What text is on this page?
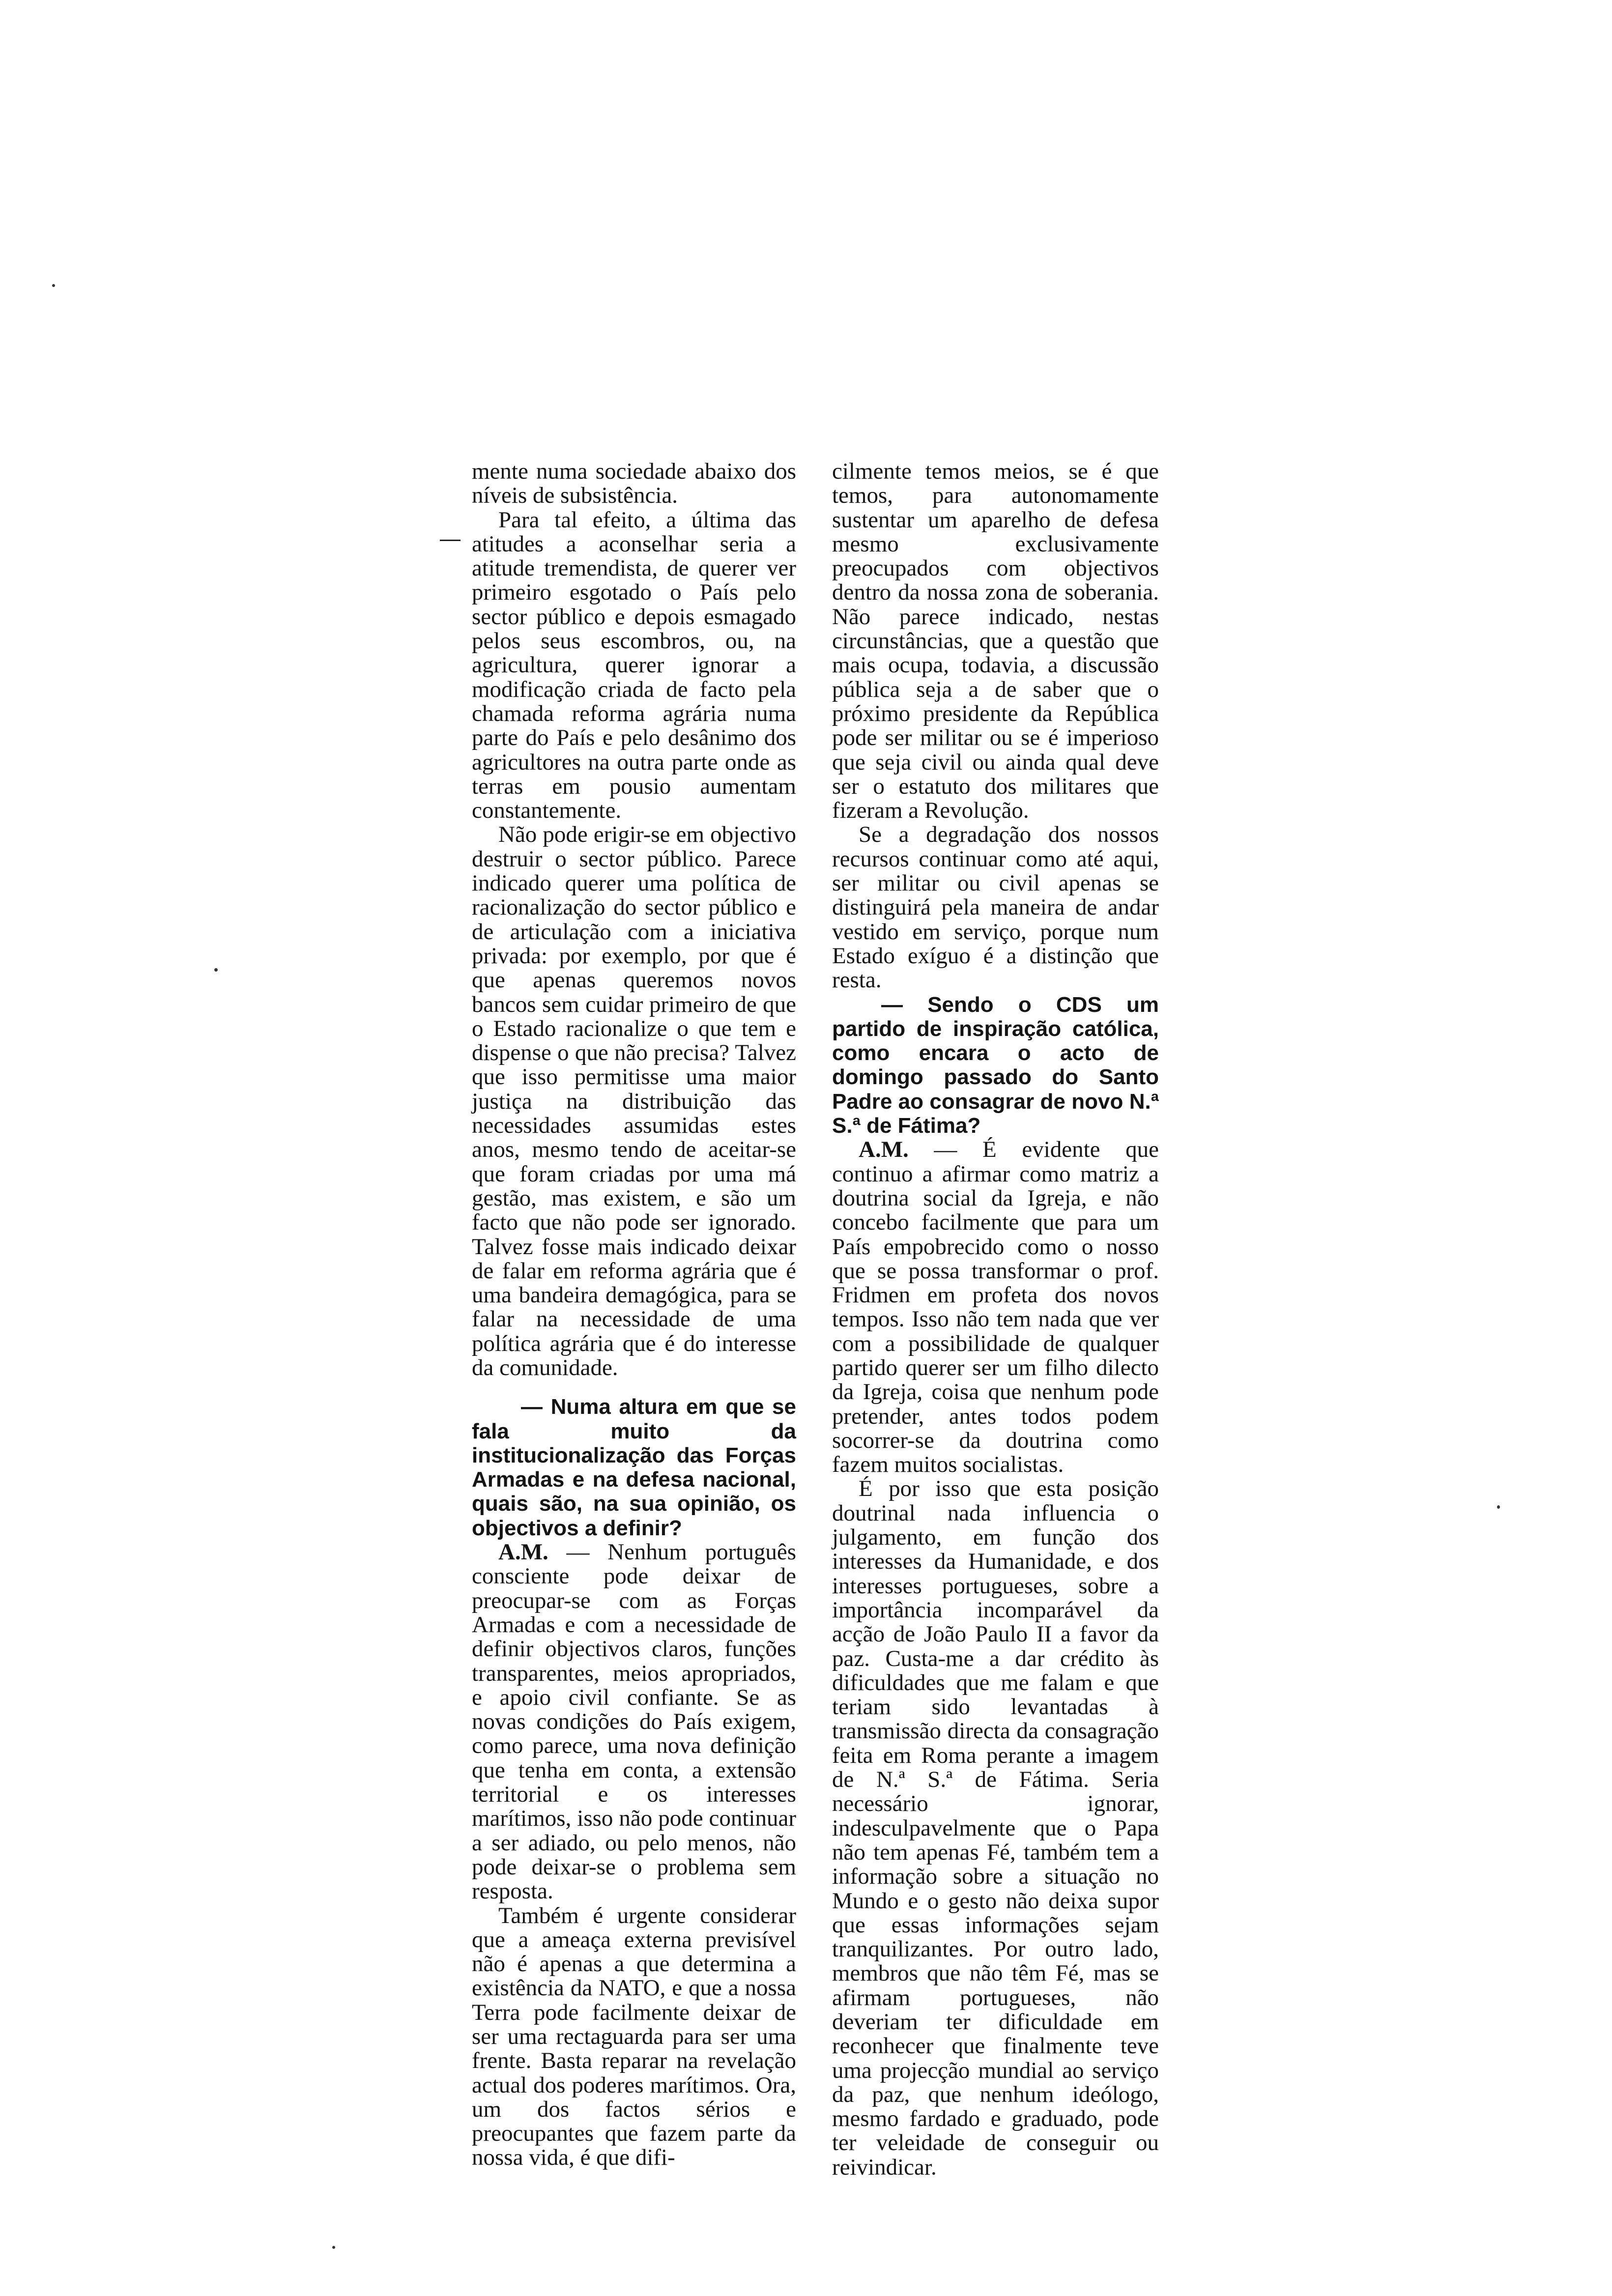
mente numa sociedade abaixo dos níveis de subsistência.

Para tal efeito, a última das atitudes a aconselhar seria a atitude tremendista, de querer ver primeiro esgotado o País pelo sector público e depois esmagado pelos seus escombros, ou, na agricultura, querer ignorar a modificação criada de facto pela chamada reforma agrária numa parte do País e pelo desânimo dos agricultores na outra parte onde as terras em pousio aumentam constantemente.

Não pode erigir-se em objectivo destruir o sector público. Parece indicado querer uma política de racionalização do sector público e de articulação com a iniciativa privada: por exemplo, por que é que apenas queremos novos bancos sem cuidar primeiro de que o Estado racionalize o que tem e dispense o que não precisa? Talvez que isso permitisse uma maior justiça na distribuição das necessidades assumidas estes anos, mesmo tendo de aceitar-se que foram criadas por uma má gestão, mas existem, e são um facto que não pode ser ignorado. Talvez fosse mais indicado deixar de falar em reforma agrária que é uma bandeira demagógica, para se falar na necessidade de uma política agrária que é do interesse da comunidade.

— Numa altura em que se fala muito da institucionalização das Forças Armadas e na defesa nacional, quais são, na sua opinião, os objectivos a definir?

A.M. — Nenhum português consciente pode deixar de preocupar-se com as Forças Armadas e com a necessidade de definir objectivos claros, funções transparentes, meios apropriados, e apoio civil confiante. Se as novas condições do País exigem, como parece, uma nova definição que tenha em conta, a extensão territorial e os interesses marítimos, isso não pode continuar a ser adiado, ou pelo menos, não pode deixar-se o problema sem resposta.

Também é urgente considerar que a ameaça externa previsível não é apenas a que determina a existência da NATO, e que a nossa Terra pode facilmente deixar de ser uma rectaguarda para ser uma frente. Basta reparar na revelação actual dos poderes marítimos. Ora, um dos factos sérios e preocupantes que fazem parte da nossa vida, é que difi-

cilmente temos meios, se é que temos, para autonomamente sustentar um aparelho de defesa mesmo exclusivamente preocupados com objectivos dentro da nossa zona de soberania. Não parece indicado, nestas circunstâncias, que a questão que mais ocupa, todavia, a discussão pública seja a de saber que o próximo presidente da República pode ser militar ou se é imperioso que seja civil ou ainda qual deve ser o estatuto dos militares que fizeram a Revolução.

Se a degradação dos nossos recursos continuar como até aqui, ser militar ou civil apenas se distinguirá pela maneira de andar vestido em serviço, porque num Estado exíguo é a distinção que resta.

— Sendo o CDS um partido de inspiração católica, como encara o acto de domingo passado do Santo Padre ao consagrar de novo N.ª S.ª de Fátima?

A.M. — É evidente que continuo a afirmar como matriz a doutrina social da Igreja, e não concebo facilmente que para um País empobrecido como o nosso que se possa transformar o prof. Fridmen em profeta dos novos tempos. Isso não tem nada que ver com a possibilidade de qualquer partido querer ser um filho dilecto da Igreja, coisa que nenhum pode pretender, antes todos podem socorrer-se da doutrina como fazem muitos socialistas.

É por isso que esta posição doutrinal nada influencia o julgamento, em função dos interesses da Humanidade, e dos interesses portugueses, sobre a importância incomparável da acção de João Paulo II a favor da paz. Custa-me a dar crédito às dificuldades que me falam e que teriam sido levantadas à transmissão directa da consagração feita em Roma perante a imagem de N.ª S.ª de Fátima. Seria necessário ignorar, indesculpavelmente que o Papa não tem apenas Fé, também tem a informação sobre a situação no Mundo e o gesto não deixa supor que essas informações sejam tranquilizantes. Por outro lado, membros que não têm Fé, mas se afirmam portugueses, não deveriam ter dificuldade em reconhecer que finalmente teve uma projecção mundial ao serviço da paz, que nenhum ideólogo, mesmo fardado e graduado, pode ter veleidade de conseguir ou reivindicar.
